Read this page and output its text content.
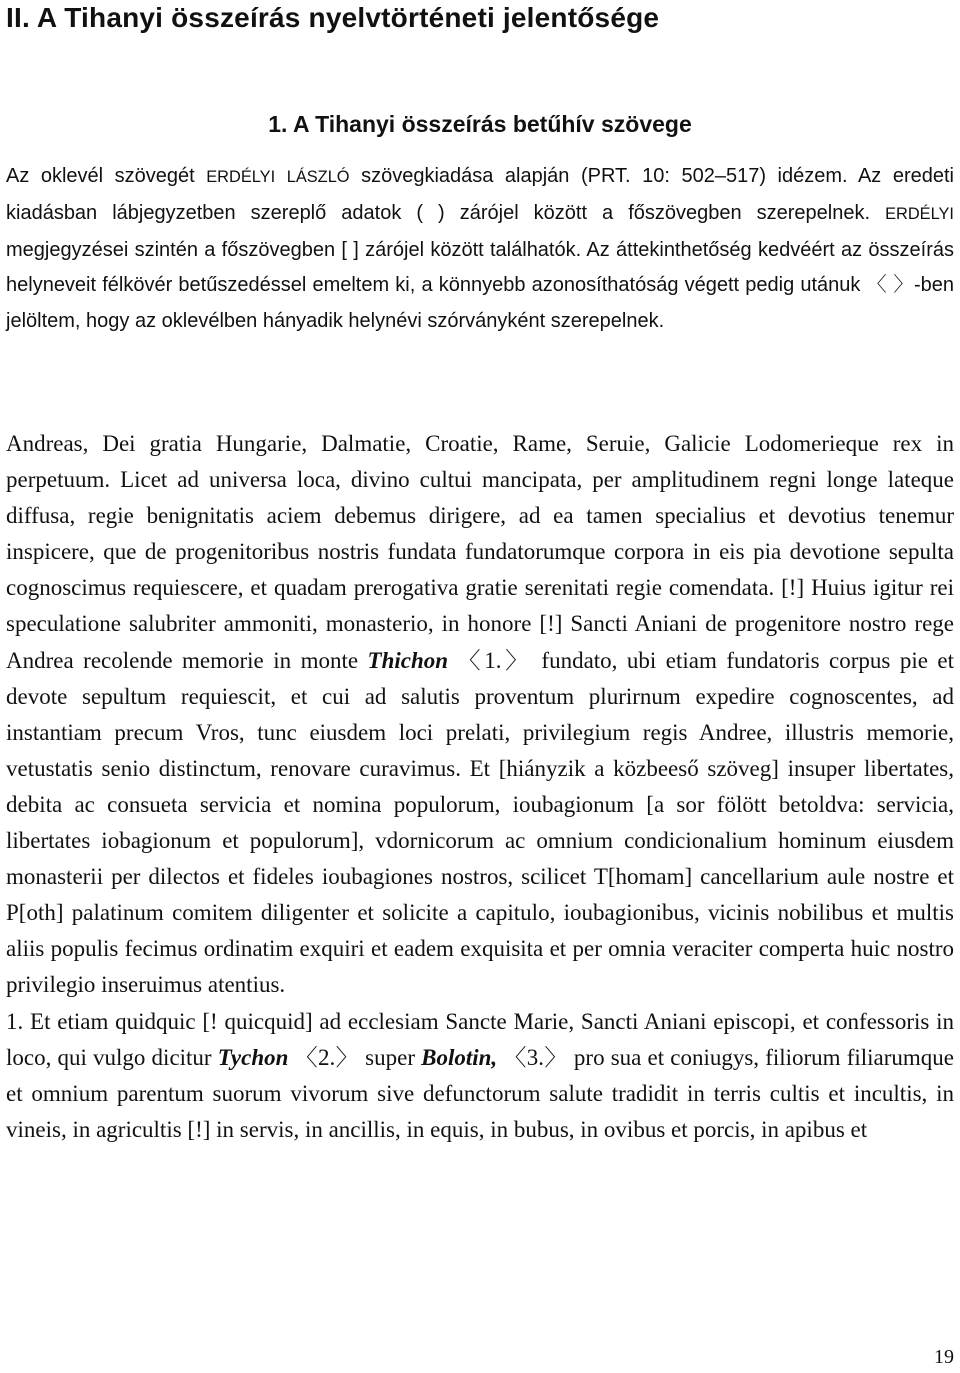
II. A Tihanyi összeírás nyelvtörténeti jelentősége
1. A Tihanyi összeírás betűhív szövege

Az oklevél szövegét ERDÉLYI LÁSZLÓ szövegkiadása alapján (PRT. 10: 502–517) idézem. Az eredeti kiadásban lábjegyzetben szereplő adatok ( ) zárójel között a főszövegben szerepelnek. ERDÉLYI megjegyzései szintén a főszövegben [ ] zárójel között találhatók. Az áttekinthetőség kedvéért az összeírás helyneveit félkövér betűszedéssel emeltem ki, a könnyebb azonosíthatóság végett pedig utánuk 〈 〉-ben jelöltem, hogy az oklevélben hányadik helynévi szórványként szerepelnek.

Andreas, Dei gratia Hungarie, Dalmatie, Croatie, Rame, Seruie, Galicie Lodomerieque rex in perpetuum. Licet ad universa loca, divino cultui mancipata, per amplitudinem regni longe lateque diffusa, regie benignitatis aciem debemus dirigere, ad ea tamen specialius et devotius tenemur inspicere, que de progenitoribus nostris fundata fundatorumque corpora in eis pia devotione sepulta cognoscimus requiescere, et quadam prerogativa gratie serenitati regie comendata. [!] Huius igitur rei speculatione salubriter ammoniti, monasterio, in honore [!] Sancti Aniani de progenitore nostro rege Andrea recolende memorie in monte Thichon 〈1.〉 fundato, ubi etiam fundatoris corpus pie et devote sepultum requiescit, et cui ad salutis proventum plurirnum expedire cognoscentes, ad instantiam precum Vros, tunc eiusdem loci prelati, privilegium regis Andree, illustris memorie, vetustatis senio distinctum, renovare curavimus. Et [hiányzik a közbeeső szöveg] insuper libertates, debita ac consueta servicia et nomina populorum, ioubagionum [a sor fölött betoldva: servicia, libertates iobagionum et populorum], vdornicorum ac omnium condicionalium hominum eiusdem monasterii per dilectos et fideles ioubagiones nostros, scilicet T[homam] cancellarium aule nostre et P[oth] palatinum comitem diligenter et solicite a capitulo, ioubagionibus, vicinis nobilibus et multis aliis populis fecimus ordinatim exquiri et eadem exquisita et per omnia veraciter comperta huic nostro privilegio inseruimus atentius.

1. Et etiam quidquic [! quicquid] ad ecclesiam Sancte Marie, Sancti Aniani episcopi, et confessoris in loco, qui vulgo dicitur Tychon 〈2.〉 super Bolotin, 〈3.〉 pro sua et coniugys, filiorum filiarumque et omnium parentum suorum vivorum sive defunctorum salute tradidit in terris cultis et incultis, in vineis, in agricultis [!] in servis, in ancillis, in equis, in bubus, in ovibus et porcis, in apibus et

19
